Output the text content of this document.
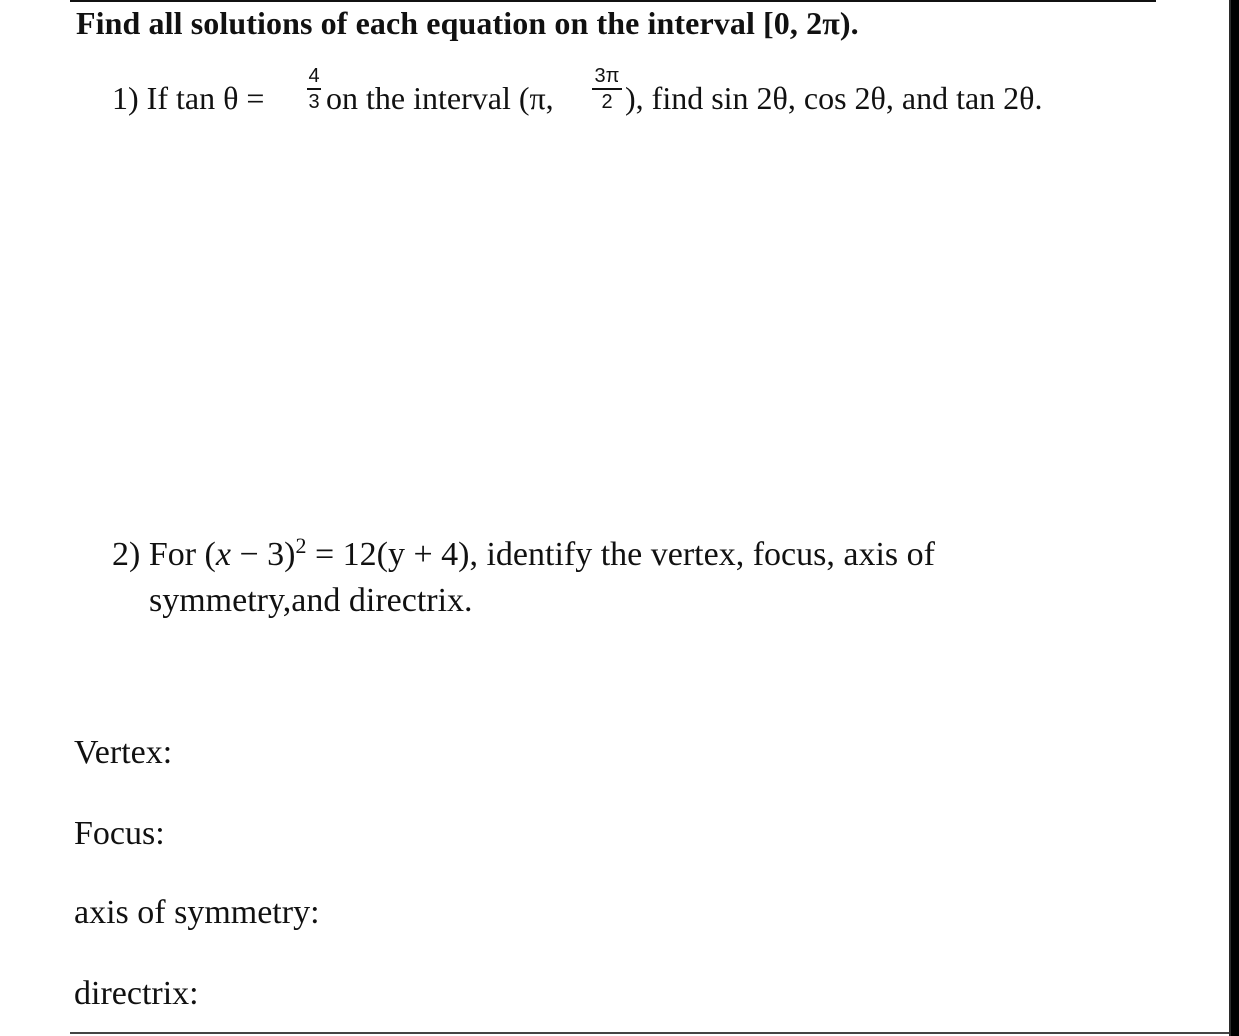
Find all solutions of each equation on the interval [0, 2π).
1) If tan θ =
4
3 on the interval (π,
3π
2 ), find sin 2θ, cos 2θ, and tan 2θ.
2) For $(x - 3)^2 = 12(y + 4)$, identify the vertex, focus, axis of
symmetry,and directrix.
Vertex:
Focus:
axis of symmetry:
directrix:
